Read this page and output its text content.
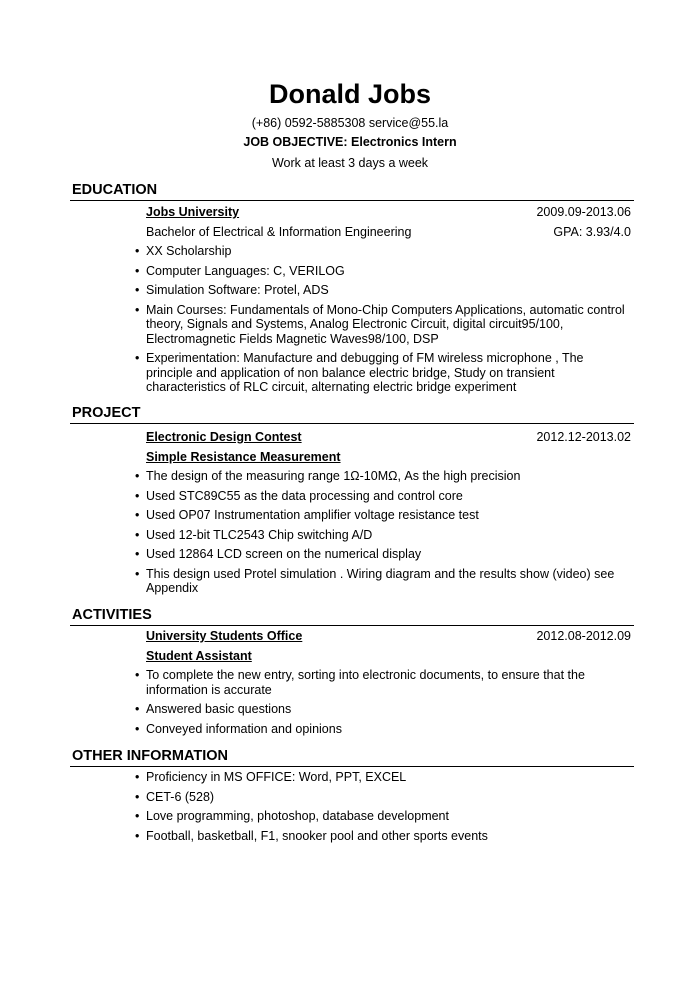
Donald Jobs
(+86) 0592-5885308 service@55.la
JOB OBJECTIVE: Electronics Intern
Work at least 3 days a week
EDUCATION
Jobs University	2009.09-2013.06
Bachelor of Electrical & Information Engineering	GPA: 3.93/4.0
• XX Scholarship
• Computer Languages: C, VERILOG
• Simulation Software: Protel, ADS
• Main Courses: Fundamentals of Mono-Chip Computers Applications, automatic control theory, Signals and Systems, Analog Electronic Circuit, digital circuit95/100, Electromagnetic Fields Magnetic Waves98/100, DSP
• Experimentation: Manufacture and debugging of FM wireless microphone , The principle and application of non balance electric bridge, Study on transient characteristics of RLC circuit, alternating electric bridge experiment
PROJECT
Electronic Design Contest	2012.12-2013.02
Simple Resistance Measurement
• The design of the measuring range 1Ω-10MΩ, As the high precision
• Used STC89C55 as the data processing and control core
• Used OP07 Instrumentation amplifier voltage resistance test
• Used 12-bit TLC2543 Chip switching A/D
• Used 12864 LCD screen on the numerical display
• This design used Protel simulation . Wiring diagram and the results show (video) see Appendix
ACTIVITIES
University Students Office	2012.08-2012.09
Student Assistant
• To complete the new entry, sorting into electronic documents, to ensure that the information is accurate
• Answered basic questions
• Conveyed information and opinions
OTHER INFORMATION
• Proficiency in MS OFFICE: Word, PPT, EXCEL
• CET-6 (528)
• Love programming, photoshop, database development
• Football, basketball, F1, snooker pool and other sports events
